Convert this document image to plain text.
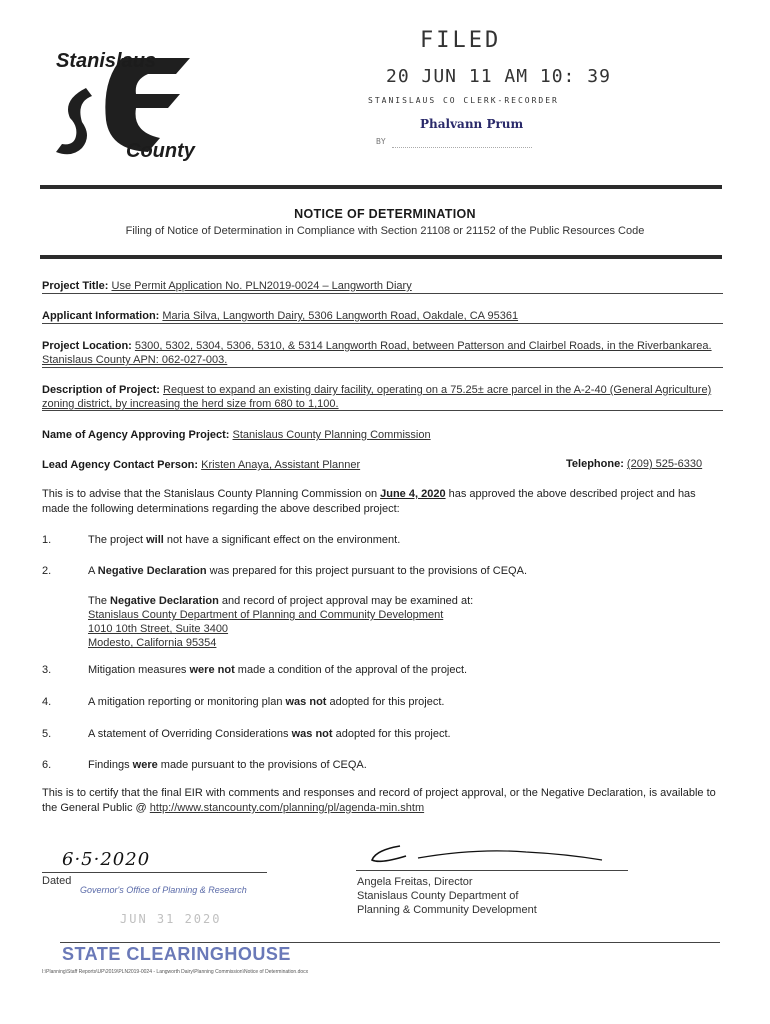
Stanislaus
County
FILED
20 JUN 11 AM 10: 39
STANISLAUS CO CLERK-RECORDER
Phalvann Prum
BY
NOTICE OF DETERMINATION
Filing of Notice of Determination in Compliance with Section 21108 or 21152 of the Public Resources Code
Project Title: Use Permit Application No. PLN2019-0024 – Langworth Diary
Applicant Information: Maria Silva, Langworth Dairy, 5306 Langworth Road, Oakdale, CA 95361
Project Location: 5300, 5302, 5304, 5306, 5310, & 5314 Langworth Road, between Patterson and Clairbel Roads, in the Riverbankarea. Stanislaus County APN: 062-027-003.
Description of Project: Request to expand an existing dairy facility, operating on a 75.25± acre parcel in the A-2-40 (General Agriculture) zoning district, by increasing the herd size from 680 to 1,100.
Name of Agency Approving Project: Stanislaus County Planning Commission
Lead Agency Contact Person: Kristen Anaya, Assistant Planner	Telephone: (209) 525-6330
This is to advise that the Stanislaus County Planning Commission on June 4, 2020 has approved the above described project and has made the following determinations regarding the above described project:
1.	The project will not have a significant effect on the environment.
2.	A Negative Declaration was prepared for this project pursuant to the provisions of CEQA.
The Negative Declaration and record of project approval may be examined at:
Stanislaus County Department of Planning and Community Development
1010 10th Street, Suite 3400
Modesto, California 95354
3.	Mitigation measures were not made a condition of the approval of the project.
4.	A mitigation reporting or monitoring plan was not adopted for this project.
5.	A statement of Overriding Considerations was not adopted for this project.
6.	Findings were made pursuant to the provisions of CEQA.
This is to certify that the final EIR with comments and responses and record of project approval, or the Negative Declaration, is available to the General Public @ http://www.stancounty.com/planning/pl/agenda-min.shtm
6·5·2020
Dated
Governor's Office of Planning & Research
JUN 31 2020
Angela Freitas, Director
Stanislaus County Department of
Planning & Community Development
STATE CLEARINGHOUSE
I:\Planning\Staff Reports\UP\2019\PLN2019-0024 - Langworth Dairy\Planning Commission\Notice of Determination.docx
